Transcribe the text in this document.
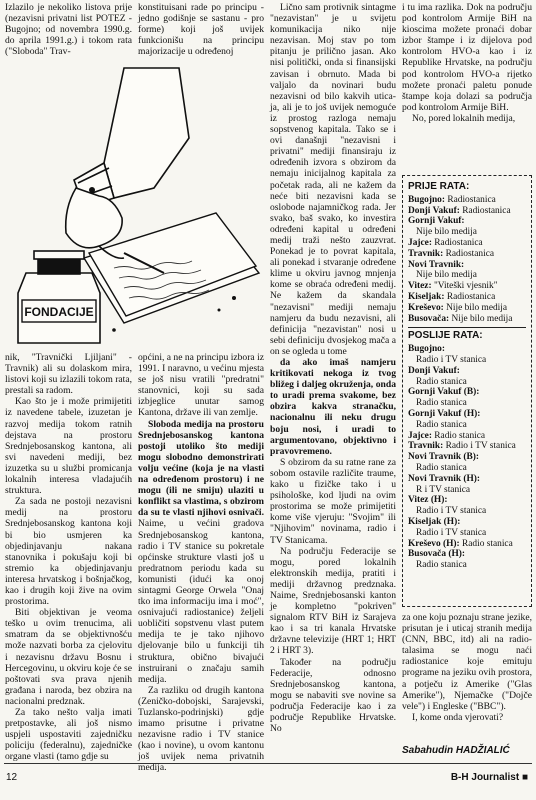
Izlazilo je nekoliko listova prije (nezavisni privatni list POTEZ - Bugojno; od novembra 1990.g. do aprila 1991.g.) i tokom rata ("Sloboda" Trav-

konstituisani rade po principu - jedno godišnje se sastanu - pro forme) koji još uvijek funkcionišu na principu majorizacije u određenoj

FONDACIJE

nik, "Travnički Ljiljani" - Travnik) ali su dolaskom mira, listovi koji su izlazili tokom rata, prestali sa radom.

Kao što je i može primijetiti iz navedene tabele, izuzetan je razvoj medija tokom ratnih dejstava na prostoru Srednjebosanskog kantona, ali svi navedeni mediji, bez izuzetka su u službi promicanja lokalnih interesa vladajućih struktura.

Za sada ne postoji nezavisni medij na prostoru Srednjebosanskog kantona koji bi bio usmjeren ka objedinjavanju nakana stanovnika i pokušaju koji bi stremio ka objedinjavanju interesa hrvatskog i bošnjačkog, kao i drugih koji žive na ovim prostorima.

Biti objektivan je veoma teško u ovim trenucima, ali smatram da se objektivnošću može nazvati borba za cjelovitu i nezavisnu državu Bosnu i Hercegovinu, u okviru koje će se poštovati sva prava njenih građana i naroda, bez obzira na nacionalni predznak.

Za tako nešto valja imati pretpostavke, ali još nismo uspjeli uspostaviti zajedničku policiju (federalnu), zajedničke organe vlasti (tamo gdje su

općini, a ne na principu izbora iz 1991. I naravno, u većinu mjesta se još nisu vratili "predratni" stanovnici, koji su sada izbjeglice unutar samog Kantona, države ili van zemlje.

Sloboda medija na prostoru Srednjebosanskog kantona postoji utoliko što mediji mogu slobodno demonstrirati volju većine (koja je na vlasti na određenom prostoru) i ne mogu (ili ne smiju) ulaziti u konflikt sa vlastima, s obzirom da su te vlasti njihovi osnivači. Naime, u većini gradova Srednjebosanskog kantona, radio i TV stanice su pokretale općinske strukture vlasti još u predratnom periodu kada su komunisti (idući ka onoj sintagmi George Orwela "Onaj tko ima informaciju ima i moć", osnivajući radiostanice) željeli uobličiti sopstvenu vlast putem medija te je tako njihovo djelovanje bilo u funkciji tih struktura, obično bivajući instruirani o značaju samih medija.

Za razliku od drugih kantona (Zeničko-dobojski, Sarajevski, Tuzlansko-podrinjski) gdje imamo prisutne i privatne nezavisne radio i TV stanice (kao i novine), u ovom kantonu još uvijek nema privatnih medija.

Lično sam protivnik sintagme "nezavistan" je u svijetu komunikacija niko nije nezavisan. Moj stav po tom pitanju je prilično jasan. Ako nisi politički, onda si finansijski zavisan i obrnuto. Mada bi valjalo da novinari budu nezavisni od bilo kakvih utica-ja, ali je to još uvijek nemoguće iz prostog razloga nemaju sopstvenog kapitala. Tako se i ovi današnji "nezavisni i privatni" mediji finansiraju iz određenih izvora s obzirom da nemaju inicijalnog kapitala za početak rada, ali ne kažem da neće biti nezavisni kada se oslobode najamničkog rada. Jer svako, baš svako, ko investira određeni kapital u određeni medij traži nešto zauzvrat. Ponekad je to povrat kapitala, ali ponekad i stvaranje određene klime u okviru javnog mnjenja kome se obraća određeni medij. Ne kažem da skandala "nezavisni" mediji nemaju namjeru da budu nezavisni, ali definicija "nezavistan" nosi u sebi definiciju dvosjekog mača a on se ogleda u tome

da ako imaš namjeru kritikovati nekoga iz tvog bližeg i daljeg okruženja, onda to uradi prema svakome, bez obzira kakva stranačku, nacionalnu ili neku drugu boju nosi, i uradi to argumentovano, objektivno i pravovremeno.

S obzirom da su ratne rane za sobom ostavile različite traume, kako u fizičke tako i u psihološke, kod ljudi na ovim prostorima se može primijetiti kome više vjeruju: "Svojim" ili "Njihovim" novinama, radio i TV Stanicama.

Na području Federacije se mogu, pored lokalnih elektronskih medija, pratiti i mediji državnog predznaka. Naime, Srednjebosanski kanton je kompletno "pokriven" signalom RTV BiH iz Sarajeva kao i sa tri kanala Hrvatske državne televizije (HRT 1; HRT 2 i HRT 3).

Također na području Federacije, odnosno Srednjebosanskog kantona, mogu se nabaviti sve novine sa područja Federacije kao i za područje Republike Hrvatske. No

i tu ima razlika. Dok na području pod kontrolom Armije BiH na kioscima možete pronaći dobar izbor štampe i iz dijelova pod kontrolom HVO-a kao i iz Republike Hrvatske, na području pod kontrolom HVO-a rijetko možete pronaći paletu ponude štampe koja dolazi sa područja pod kontrolom Armije BiH.

No, pored lokalnih medija,

PRIJE RATA:
Bugojno: Radiostanica
Donji Vakuf: Radiostanica
Gornji Vakuf:
Nije bilo medija
Jajce: Radiostanica
Travnik: Radiostanica
Novi Travnik:
Nije bilo medija
Vitez: "Viteški vjesnik"
Kiseljak: Radiostanica
Kreševo: Nije bilo medija
Busovača: Nije bilo medija
POSLIJE RATA:
Bugojno:
Radio i TV stanica
Donji Vakuf:
Radio stanica
Gornji Vakuf (B):
Radio stanica
Gornji Vakuf (H):
Radio stanica
Jajce: Radio stanica
Travnik: Radio i TV stanica
Novi Travnik (B):
Radio stanica
Novi Travnik (H):
R i TV stanica
Vitez (H):
Radio i TV stanica
Kiseljak (H):
Radio i TV stanica
Kreševo (H): Radio stanica
Busovača (H):
Radio stanica

za one koju poznaju strane jezike, prisutan je i uticaj stranih medija (CNN, BBC, itd) ali na radio-talasima se mogu naći radiostanice koje emituju programe na jeziku ovih prostora, a potječu iz Amerike ("Glas Amerike"), Njemačke ("Dojče vele") i Engleske ("BBC").

I, kome onda vjerovati?

Sabahudin HADŽIALIĆ
12	B-H Journalist ■
